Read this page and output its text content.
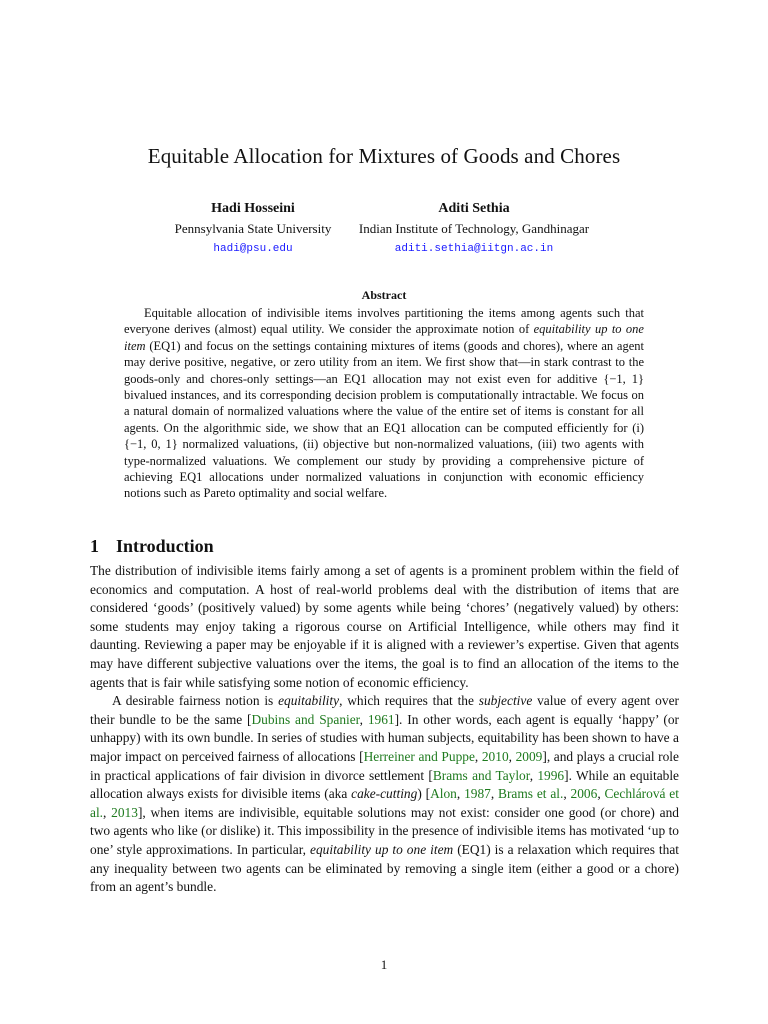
Equitable Allocation for Mixtures of Goods and Chores
Hadi Hosseini
Pennsylvania State University
hadi@psu.edu
Aditi Sethia
Indian Institute of Technology, Gandhinagar
aditi.sethia@iitgn.ac.in
Abstract
Equitable allocation of indivisible items involves partitioning the items among agents such that everyone derives (almost) equal utility. We consider the approximate notion of equitability up to one item (EQ1) and focus on the settings containing mixtures of items (goods and chores), where an agent may derive positive, negative, or zero utility from an item. We first show that—in stark contrast to the goods-only and chores-only settings—an EQ1 allocation may not exist even for additive {−1, 1} bivalued instances, and its corresponding decision problem is computationally intractable. We focus on a natural domain of normalized valuations where the value of the entire set of items is constant for all agents. On the algorithmic side, we show that an EQ1 allocation can be computed efficiently for (i) {−1, 0, 1} normalized valuations, (ii) objective but non-normalized valuations, (iii) two agents with type-normalized valuations. We complement our study by providing a comprehensive picture of achieving EQ1 allocations under normalized valuations in conjunction with economic efficiency notions such as Pareto optimality and social welfare.
1 Introduction

The distribution of indivisible items fairly among a set of agents is a prominent problem within the field of economics and computation. A host of real-world problems deal with the distribution of items that are considered ‘goods’ (positively valued) by some agents while being ‘chores’ (negatively valued) by others: some students may enjoy taking a rigorous course on Artificial Intelligence, while others may find it daunting. Reviewing a paper may be enjoyable if it is aligned with a reviewer’s expertise. Given that agents may have different subjective valuations over the items, the goal is to find an allocation of the items to the agents that is fair while satisfying some notion of economic efficiency.

A desirable fairness notion is equitability, which requires that the subjective value of every agent over their bundle to be the same [Dubins and Spanier, 1961]. In other words, each agent is equally ‘happy’ (or unhappy) with its own bundle. In series of studies with human subjects, equitability has been shown to have a major impact on perceived fairness of allocations [Herreiner and Puppe, 2010, 2009], and plays a crucial role in practical applications of fair division in divorce settlement [Brams and Taylor, 1996]. While an equitable allocation always exists for divisible items (aka cake-cutting) [Alon, 1987, Brams et al., 2006, Cechlárová et al., 2013], when items are indivisible, equitable solutions may not exist: consider one good (or chore) and two agents who like (or dislike) it. This impossibility in the presence of indivisible items has motivated ‘up to one’ style approximations. In particular, equitability up to one item (EQ1) is a relaxation which requires that any inequality between two agents can be eliminated by removing a single item (either a good or a chore) from an agent’s bundle.

1
